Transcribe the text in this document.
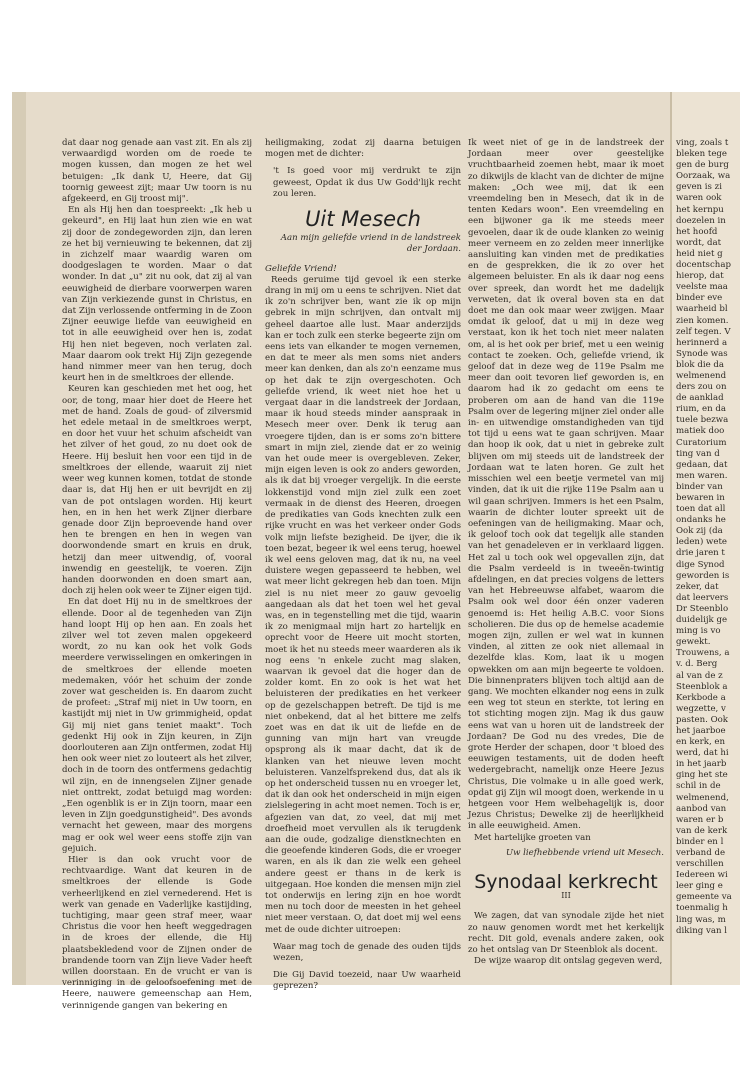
dat daar nog genade aan vast zit. En als zij verwaardigd worden om de roede te mogen kussen, dan mogen ze het wel betuigen: „Ik dank U, Heere, dat Gij toornig geweest zijt; maar Uw toorn is nu afgekeerd, en Gij troost mij".

En als Hij hen dan toespreekt: „Ik heb u gekeurd", en Hij laat hun zien wie en wat zij door de zondegeworden zijn, dan leren ze het bij vernieuwing te bekennen, dat zij in zichzelf maar waardig waren om doodgeslagen te worden. Maar o dat wonder. In dat „u" zit nu ook, dat zij al van eeuwigheid de dierbare voorwerpen waren van Zijn verkiezende gunst in Christus, en dat Zijn verlossende ontferming in de Zoon Zijner eeuwige liefde van eeuwigheid en tot in alle eeuwigheid over hen is, zodat Hij hen niet begeven, noch verlaten zal. Maar daarom ook trekt Hij Zijn gezegende hand nimmer meer van hen terug, doch keurt hen in de smeltkroes der ellende.

Keuren kan geschieden met het oog, het oor, de tong, maar hier doet de Heere het met de hand. Zoals de goud- of zilversmid het edele metaal in de smeltkroes werpt, en door het vuur het schuim afscheidt van het zilver of het goud, zo nu doet ook de Heere. Hij besluit hen voor een tijd in de smeltkroes der ellende, waaruit zij niet weer weg kunnen komen, totdat de stonde daar is, dat Hij hen er uit bevrijdt en zij van de pot ontslagen worden. Hij keurt hen, en in hen het werk Zijner dierbare genade door Zijn beproevende hand over hen te brengen en hen in wegen van doorwondende smart en kruis en druk, hetzij dan meer uitwendig, of, vooral inwendig en geestelijk, te voeren. Zijn handen doorwonden en doen smart aan, doch zij helen ook weer te Zijner eigen tijd.

En dat doet Hij nu in de smeltkroes der ellende. Door al de tegenheden van Zijn hand loopt Hij op hen aan. En zoals het zilver wel tot zeven malen opgekeerd wordt, zo nu kan ook het volk Gods meerdere verwisselingen en omkeringen in de smeltkroes der ellende moeten medemaken, vóór het schuim der zonde zover wat gescheiden is. En daarom zucht de profeet: „Straf mij niet in Uw toorn, en kastijdt mij niet in Uw grimmigheid, opdat Gij mij niet gans teniet maakt". Toch gedenkt Hij ook in Zijn keuren, in Zijn doorlouteren aan Zijn ontfermen, zodat Hij hen ook weer niet zo louteert als het zilver, doch in de toorn des ontfermens gedachtig wil zijn, en de innengselen Zijner genade niet onttrekt, zodat betuigd mag worden: „Een ogenblik is er in Zijn toorn, maar een leven in Zijn goedgunstigheid". Des avonds vernacht het geween, maar des morgens mag er ook wel weer eens stoffe zijn van gejuich.

Hier is dan ook vrucht voor de rechtvaardige. Want dat keuren in de smeltkroes der ellende is Gode verheerlijkend en ziel vernederend. Het is werk van genade en Vaderlijke kastijding, tuchtiging, maar geen straf meer, waar Christus die voor hen heeft weggedragen in de kroes der ellende, die Hij plaatsbekledend voor de Zijnen onder de brandende toorn van Zijn lieve Vader heeft willen doorstaan. En de vrucht er van is verinniging in de geloofsoefening met de Heere, nauwere gemeenschap aan Hem, verinnigende gangen van bekering en

heiligmaking, zodat zij daarna betuigen mogen met de dichter:

't Is goed voor mij verdrukt te zijn geweest, Opdat ik dus Uw Godd'lijk recht zou leren.
Uit Mesech
Aan mijn geliefde vriend in de landstreek der Jordaan.

Geliefde Vriend!

Reeds geruime tijd gevoel ik een sterke drang in mij om u eens te schrijven. Niet dat ik zo'n schrijver ben, want zie ik op mijn gebrek in mijn schrijven, dan ontvalt mij geheel daartoe alle lust. Maar anderzijds kan er toch zulk een sterke begeerte zijn om eens iets van elkander te mogen vernemen, en dat te meer als men soms niet anders meer kan denken, dan als zo'n eenzame mus op het dak te zijn overgeschoten. Och geliefde vriend, ik weet niet hoe het u vergaat daar in die landstreek der Jordaan, maar ik houd steeds minder aanspraak in Mesech meer over. Denk ik terug aan vroegere tijden, dan is er soms zo'n bittere smart in mijn ziel, ziende dat er zo weinig van het oude meer is overgebleven. Zeker, mijn eigen leven is ook zo anders geworden, als ik dat bij vroeger vergelijk. In die eerste lokkenstijd vond mijn ziel zulk een zoet vermaak in de dienst des Heeren, droegen de predikaties van Gods knechten zulk een rijke vrucht en was het verkeer onder Gods volk mijn liefste bezigheid. De ijver, die ik toen bezat, begeer ik wel eens terug, hoewel ik wel eens geloven mag, dat ik nu, na veel duistere wegen gepasseerd te hebben, wel wat meer licht gekregen heb dan toen. Mijn ziel is nu niet meer zo gauw gevoelig aangedaan als dat het toen wel het geval was, en in tegenstelling met die tijd, waarin ik zo menigmaal mijn hart zo hartelijk en oprecht voor de Heere uit mocht storten, moet ik het nu steeds meer waarderen als ik nog eens 'n enkele zucht mag slaken, waarvan ik gevoel dat die hoger dan de zolder komt. En zo ook is het wat het beluisteren der predikaties en het verkeer op de gezelschappen betreft. De tijd is me niet onbekend, dat al het bittere me zelfs zoet was en dat ik uit de liefde en de gunning van mijn hart van vreugde opsprong als ik maar dacht, dat ik de klanken van het nieuwe leven mocht beluisteren. Vanzelfsprekend dus, dat als ik op het onderscheid tussen nu en vroeger let, dat ik dan ook het onderscheid in mijn eigen zielslegering in acht moet nemen. Toch is er, afgezien van dat, zo veel, dat mij met droefheid moet vervullen als ik terugdenk aan die oude, godzalige dienstknechten en die geoefende kinderen Gods, die er vroeger waren, en als ik dan zie welk een geheel andere geest er thans in de kerk is uitgegaan. Hoe konden die mensen mijn ziel tot onderwijs en lering zijn en hoe wordt men nu toch door de meesten in het geheel niet meer verstaan. O, dat doet mij wel eens met de oude dichter uitroepen:

Waar mag toch de genade des ouden tijds wezen,
Die Gij David toezeid, naar Uw waarheid geprezen?

Ik weet niet of ge in de landstreek der Jordaan meer over geestelijke vruchtbaarheid zoemen hebt, maar ik moet zo dikwijls de klacht van de dichter de mijne maken: „Och wee mij, dat ik een vreemdeling ben in Mesech, dat ik in de tenten Kedars woon". Een vreemdeling en een bijwoner ga ik me steeds meer gevoelen, daar ik de oude klanken zo weinig meer verneem en zo zelden meer innerlijke aansluiting kan vinden met de predikaties en de gesprekken, die ik zo over het algemeen beluister. En als ik daar nog eens over spreek, dan wordt het me dadelijk verweten, dat ik overal boven sta en dat doet me dan ook maar weer zwijgen. Maar omdat ik geloof, dat u mij in deze weg verstaat, kon ik het toch niet meer nalaten om, al is het ook per brief, met u een weinig contact te zoeken. Och, geliefde vriend, ik geloof dat in deze weg de 119e Psalm me meer dan ooit tevoren lief geworden is, en daarom had ik zo gedacht om eens te proberen om aan de hand van die 119e Psalm over de legering mijner ziel onder alle in- en uitwendige omstandigheden van tijd tot tijd u eens wat te gaan schrijven. Maar dan hoop ik ook, dat u niet in gebreke zult blijven om mij steeds uit de landstreek der Jordaan wat te laten horen. Ge zult het misschien wel een beetje vermetel van mij vinden, dat ik uit die rijke 119e Psalm aan u wil gaan schrijven. Immers is het een Psalm, waarin de dichter louter spreekt uit de oefeningen van de heiligmaking. Maar och, ik geloof toch ook dat tegelijk alle standen van het genadeleven er in verklaard liggen. Het zal u toch ook wel opgevallen zijn, dat die Psalm verdeeld is in tweeën-twintig afdelingen, en dat precies volgens de letters van het Hebreeuwse alfabet, waarom die Psalm ook wel door één onzer vaderen genoemd is: Het heilig A.B.C. voor Sions scholieren. Die dus op de hemelse academie mogen zijn, zullen er wel wat in kunnen vinden, al zitten ze ook niet allemaal in dezelfde klas. Kom, laat ik u mogen opwekken om aan mijn begeerte te voldoen. Die binnenpraters blijven toch altijd aan de gang. We mochten elkander nog eens in zulk een weg tot steun en sterkte, tot lering en tot stichting mogen zijn. Mag ik dus gauw eens wat van u horen uit de landstreek der Jordaan? De God nu des vredes, Die de grote Herder der schapen, door 't bloed des eeuwigen testaments, uit de doden heeft wedergebracht, namelijk onze Heere Jezus Christus, Die volmake u in alle goed werk, opdat gij Zijn wil moogt doen, werkende in u hetgeen voor Hem welbehagelijk is, door Jezus Christus; Dewelke zij de heerlijkheid in alle eeuwigheid. Amen.

Met hartelijke groeten van

Uw liefhebbende vriend uit Mesech.
Synodaal kerkrecht
III

We zagen, dat van synodale zijde het niet zo nauw genomen wordt met het kerkelijk recht. Dit gold, evenals andere zaken, ook zo het ontslag van Dr Steenblok als docent.

De wijze waarop dit ontslag gegeven werd,

ving, zoals t
bleken tege
gen de burg
Oorzaak, wa
geven is zi
waren ook
het kernpu
doezelen in
het hoofd
wordt, dat
heid niet g
docentschap
hierop, dat
veelste maa
binder eve
waarheid bl
zien komen.
zelf tegen. V
herinnerd a
Synode was
blok die da
welmenend
ders zou on
de aanklad
rium, en da
tuele bezwa
matiek doo
Curatorium
ting van d
gedaan, dat
men waren.
binder van
bewaren in
toen dat all
ondanks he
Ook zij (da
leden) wete
drie jaren t
dige Synod
geworden is
zeker, dat
dat leervers
Dr Steenblo
duidelijk ge
ming is vo
gewekt.
Trouwens, a
v. d. Berg
al van de z
Steenblok a
Kerkbode a
wegzette, v
pasten. Ook
het jaarboe
en kerk, en
werd, dat hi
in het jaarb
ging het ste
schil in de
welmenend,
aanbod van
waren er b
van de kerk
binder en l
verband de
verschillen
Iedereen wi
leer ging e
gemeente va
toenmalig h
ling was, m
diking van l
